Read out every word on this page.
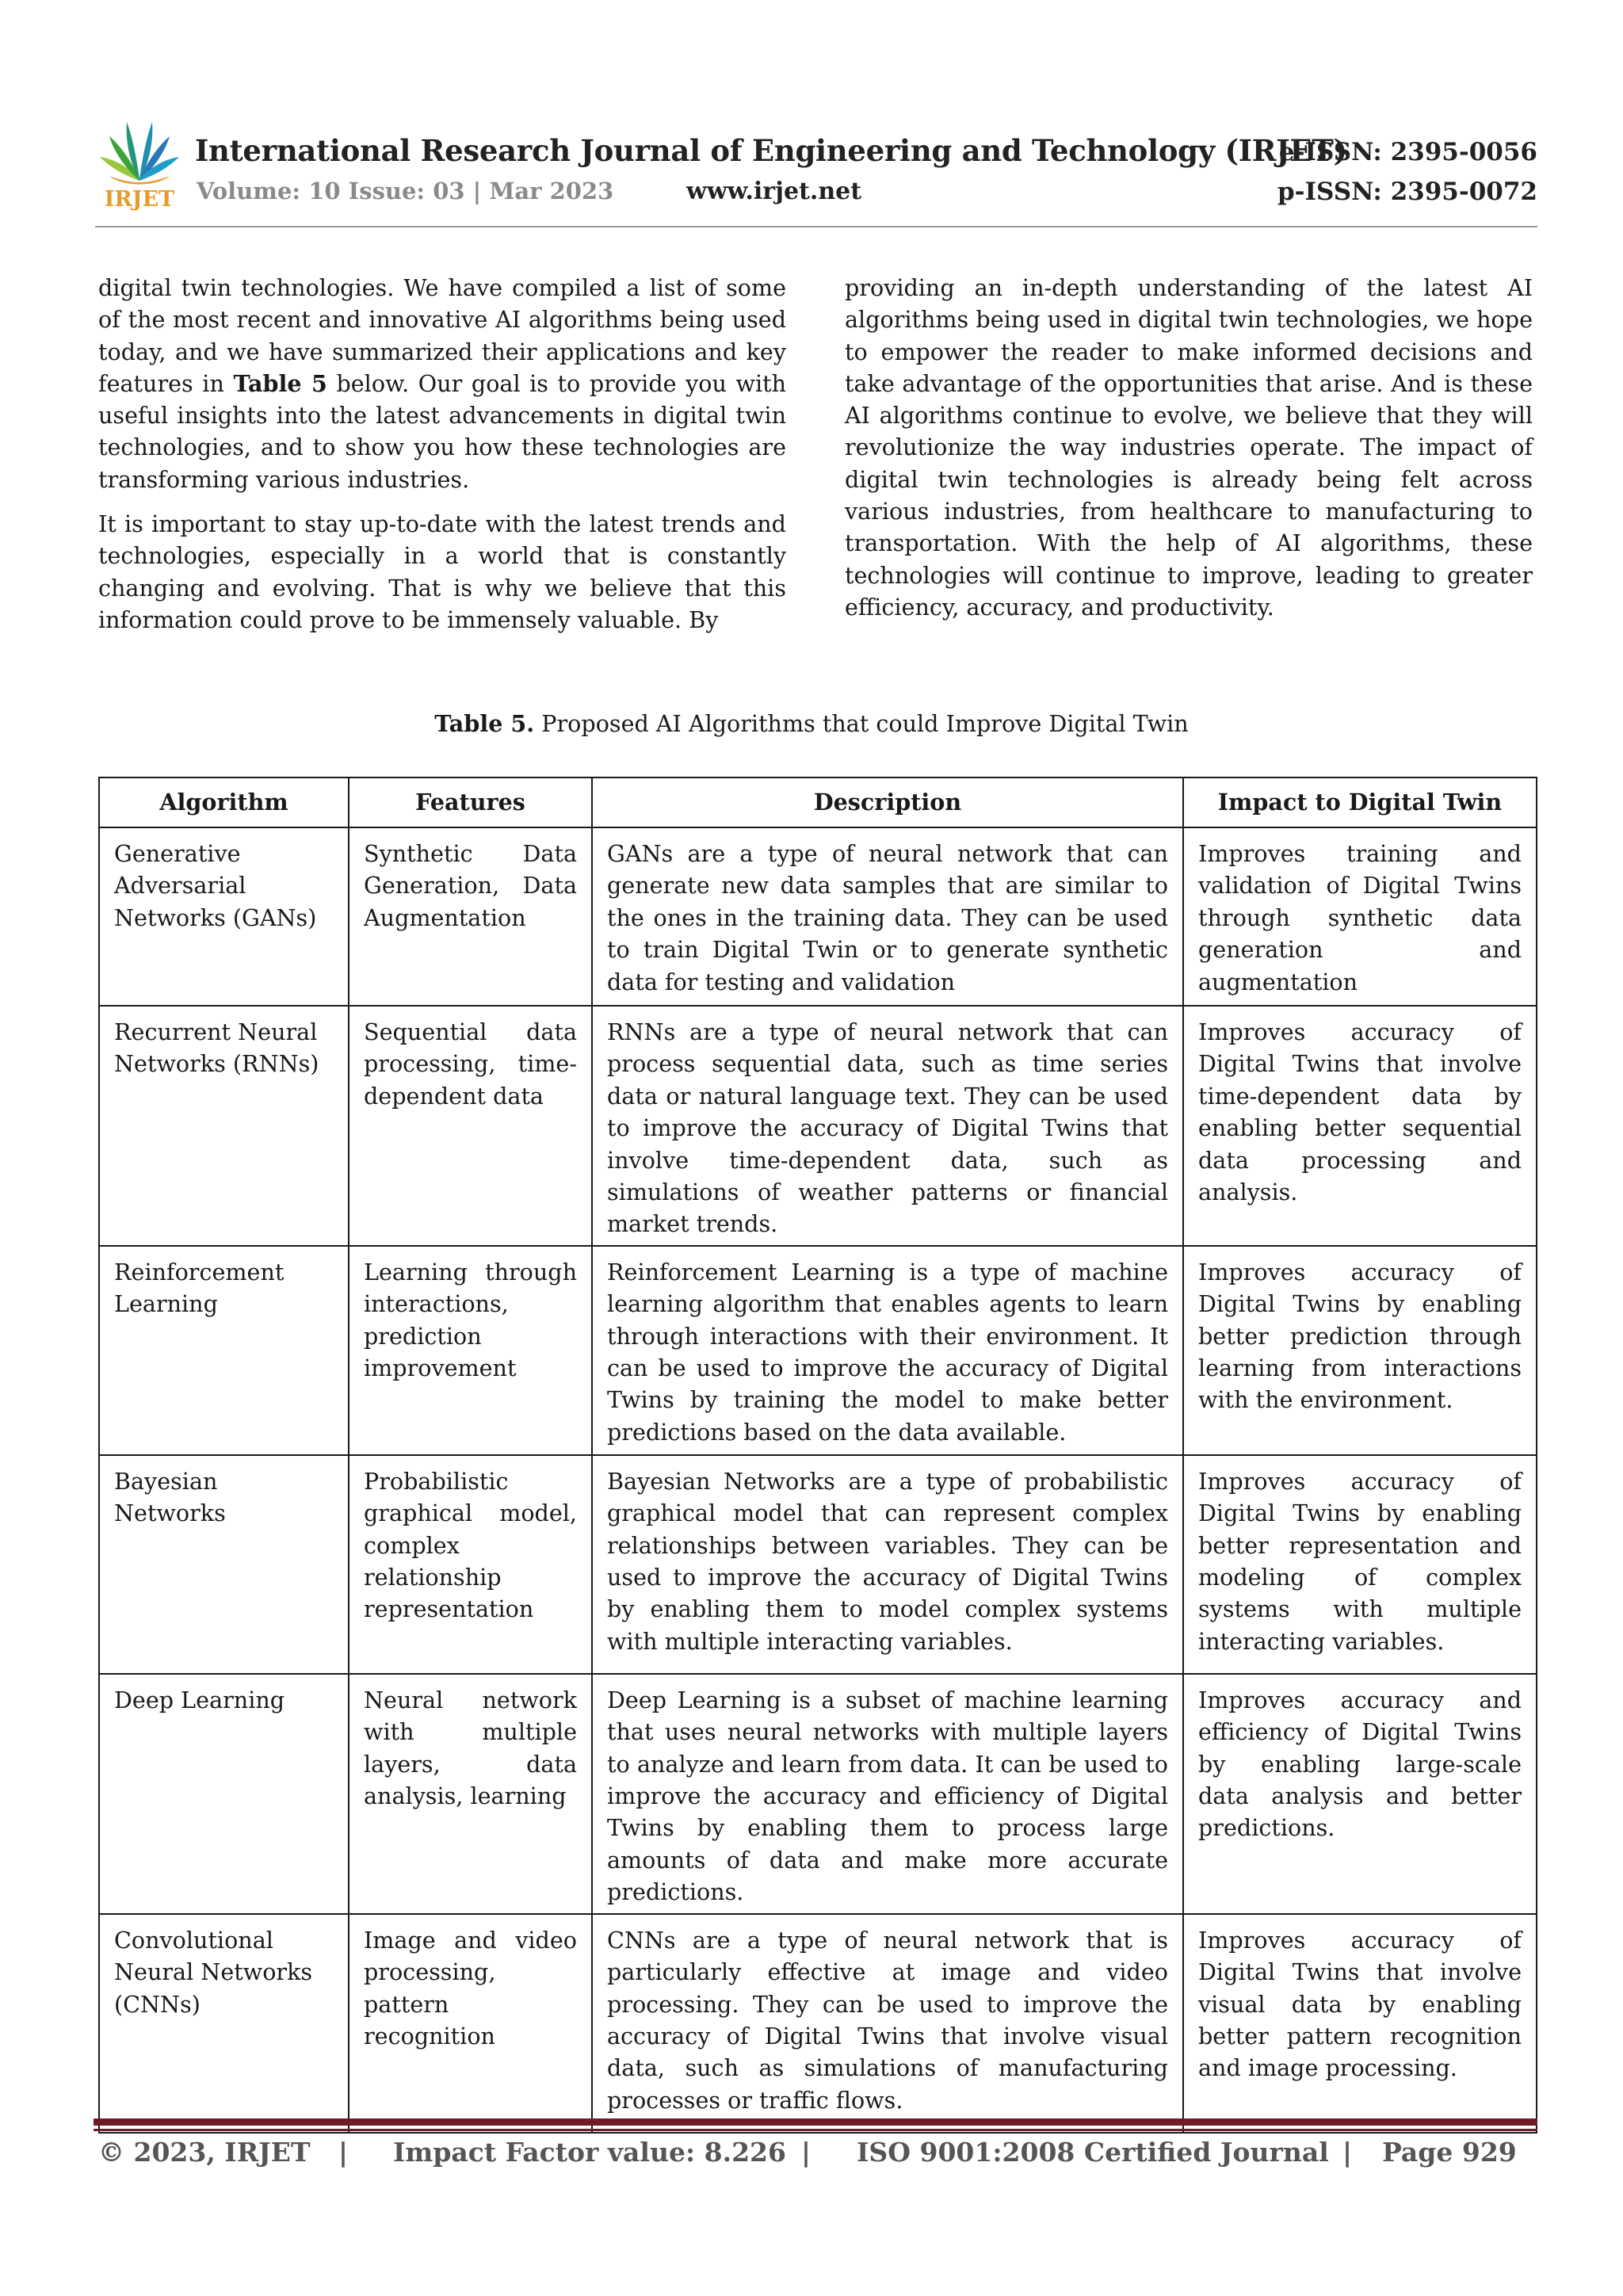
IRJET
International Research Journal of Engineering and Technology (IRJET)
e-ISSN: 2395-0056
Volume: 10 Issue: 03 | Mar 2023	www.irjet.net	p-ISSN: 2395-0072

digital twin technologies. We have compiled a list of some of the most recent and innovative AI algorithms being used today, and we have summarized their applications and key features in Table 5 below. Our goal is to provide you with useful insights into the latest advancements in digital twin technologies, and to show you how these technologies are transforming various industries.

It is important to stay up-to-date with the latest trends and technologies, especially in a world that is constantly changing and evolving. That is why we believe that this information could prove to be immensely valuable. By

providing an in-depth understanding of the latest AI algorithms being used in digital twin technologies, we hope to empower the reader to make informed decisions and take advantage of the opportunities that arise. And is these AI algorithms continue to evolve, we believe that they will revolutionize the way industries operate. The impact of digital twin technologies is already being felt across various industries, from healthcare to manufacturing to transportation. With the help of AI algorithms, these technologies will continue to improve, leading to greater efficiency, accuracy, and productivity.

Table 5. Proposed AI Algorithms that could Improve Digital Twin
Algorithm	Features	Description	Impact to Digital Twin
Generative Adversarial Networks (GANs)	Synthetic Data Generation, Data Augmentation	GANs are a type of neural network that can generate new data samples that are similar to the ones in the training data. They can be used to train Digital Twin or to generate synthetic data for testing and validation	Improves training and validation of Digital Twins through synthetic data generation and augmentation
Recurrent Neural Networks (RNNs)	Sequential data processing, time-dependent data	RNNs are a type of neural network that can process sequential data, such as time series data or natural language text. They can be used to improve the accuracy of Digital Twins that involve time-dependent data, such as simulations of weather patterns or financial market trends.	Improves accuracy of Digital Twins that involve time-dependent data by enabling better sequential data processing and analysis.
Reinforcement Learning	Learning through interactions, prediction improvement	Reinforcement Learning is a type of machine learning algorithm that enables agents to learn through interactions with their environment. It can be used to improve the accuracy of Digital Twins by training the model to make better predictions based on the data available.	Improves accuracy of Digital Twins by enabling better prediction through learning from interactions with the environment.
Bayesian Networks	Probabilistic graphical model, complex relationship representation	Bayesian Networks are a type of probabilistic graphical model that can represent complex relationships between variables. They can be used to improve the accuracy of Digital Twins by enabling them to model complex systems with multiple interacting variables.	Improves accuracy of Digital Twins by enabling better representation and modeling of complex systems with multiple interacting variables.
Deep Learning	Neural network with multiple layers, data analysis, learning	Deep Learning is a subset of machine learning that uses neural networks with multiple layers to analyze and learn from data. It can be used to improve the accuracy and efficiency of Digital Twins by enabling them to process large amounts of data and make more accurate predictions.	Improves accuracy and efficiency of Digital Twins by enabling large-scale data analysis and better predictions.
Convolutional Neural Networks (CNNs)	Image and video processing, pattern recognition	CNNs are a type of neural network that is particularly effective at image and video processing. They can be used to improve the accuracy of Digital Twins that involve visual data, such as simulations of manufacturing processes or traffic flows.	Improves accuracy of Digital Twins that involve visual data by enabling better pattern recognition and image processing.
© 2023, IRJET | Impact Factor value: 8.226 | ISO 9001:2008 Certified Journal | Page 929
